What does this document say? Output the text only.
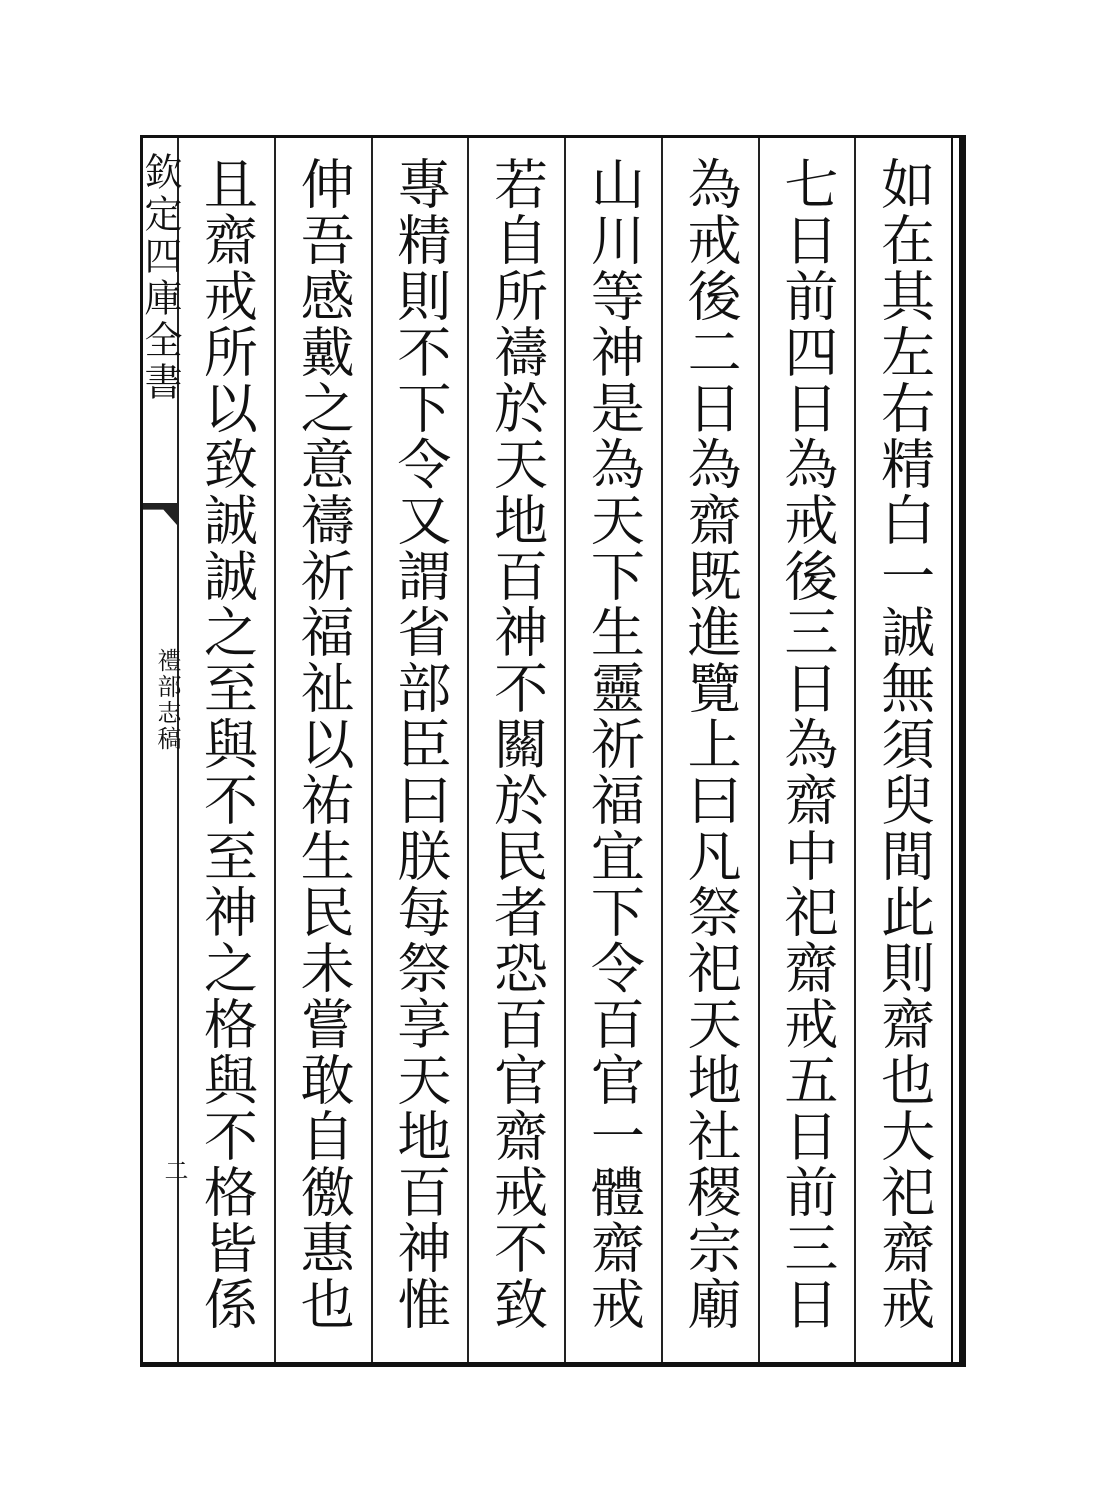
欽定四庫全書
禮部志稿
二	如在其左右精白一誠無須臾間此則齋也大祀齋戒
七日前四日為戒後三日為齋中祀齋戒五日前三日
為戒後二日為齋既進覽上曰凡祭祀天地社稷宗廟
山川等神是為天下生靈祈福宜下令百官一體齋戒
若自所禱於天地百神不關於民者恐百官齋戒不致
專精則不下令又謂省部臣曰朕每祭享天地百神惟
伸吾感戴之意禱祈福祉以祐生民未嘗敢自徼惠也
且齋戒所以致誠誠之至與不至神之格與不格皆係
